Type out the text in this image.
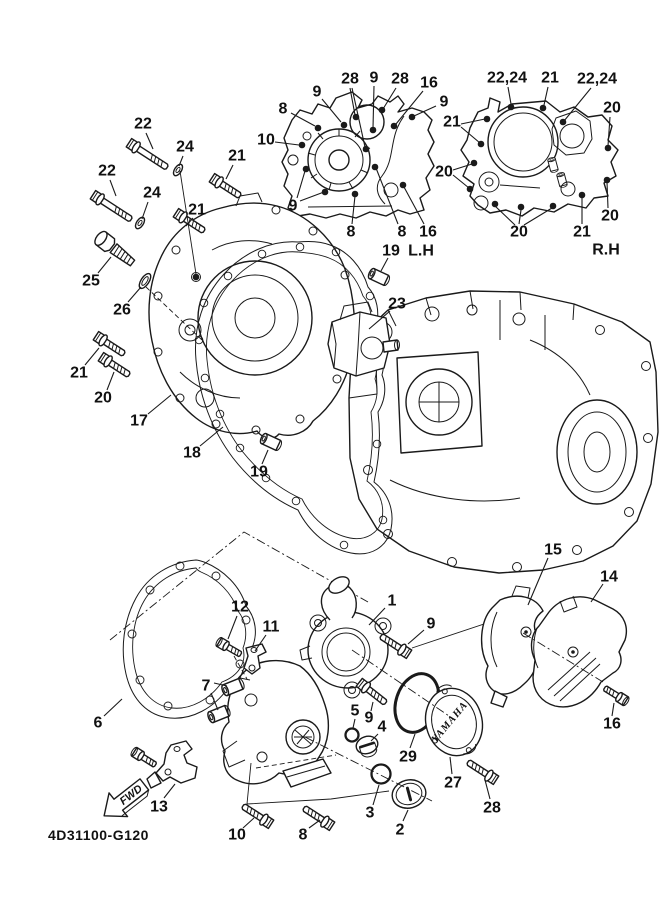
YAMAHA
FWD
4D31100-G120
22
24
21
22
24
21
25
26
21
20
17
18
19
8
10
9
28 9 28 16
9
9
8	8 16
19 L.H
22,24 21 22,24
20
21
20
20
20	21
R.H
23
15
14
12
11
1
9
6
7
5 9
4
29
27
28
3
2
10	8
13
16
